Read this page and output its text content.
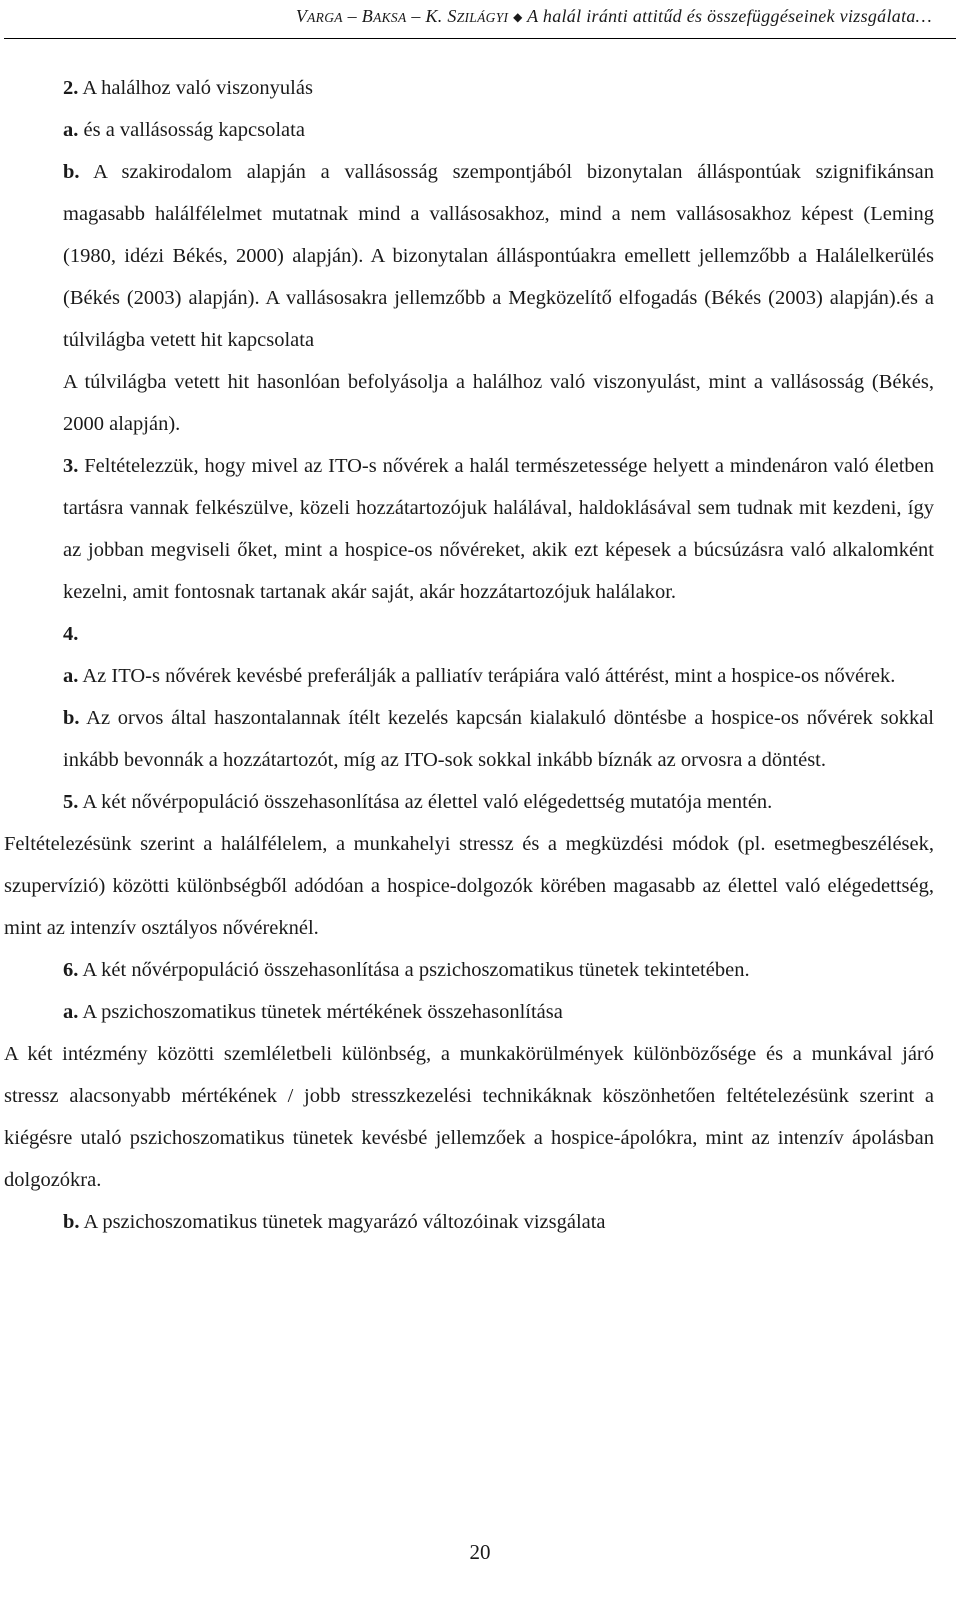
VARGA – BAKSA – K. SZILÁGYI ◆ A halál iránti attitűd és összefüggéseinek vizsgálata…

2. A halálhoz való viszonyulás

a. és a vallásosság kapcsolata

b. A szakirodalom alapján a vallásosság szempontjából bizonytalan álláspontúak szignifikánsan magasabb halálfélelmet mutatnak mind a vallásosakhoz, mind a nem vallásosakhoz képest (Leming (1980, idézi Békés, 2000) alapján). A bizonytalan álláspontúakra emellett jellemzőbb a Halálelkerülés (Békés (2003) alapján). A vallásosakra jellemzőbb a Megközelítő elfogadás (Békés (2003) alapján).és a túlvilágba vetett hit kapcsolata

A túlvilágba vetett hit hasonlóan befolyásolja a halálhoz való viszonyulást, mint a vallásosság (Békés, 2000 alapján).

3. Feltételezzük, hogy mivel az ITO-s nővérek a halál természetessége helyett a mindenáron való életben tartásra vannak felkészülve, közeli hozzátartozójuk halálával, haldoklásával sem tudnak mit kezdeni, így az jobban megviseli őket, mint a hospice-os nővéreket, akik ezt képesek a búcsúzásra való alkalomként kezelni, amit fontosnak tartanak akár saját, akár hozzátartozójuk halálakor.

4.

a. Az ITO-s nővérek kevésbé preferálják a palliatív terápiára való áttérést, mint a hospice-os nővérek.

b. Az orvos által haszontalannak ítélt kezelés kapcsán kialakuló döntésbe a hospice-os nővérek sokkal inkább bevonnák a hozzátartozót, míg az ITO-sok sokkal inkább bíznák az orvosra a döntést.

5. A két nővérpopuláció összehasonlítása az élettel való elégedettség mutatója mentén.

Feltételezésünk szerint a halálfélelem, a munkahelyi stressz és a megküzdési módok (pl. esetmegbeszélések, szupervízió) közötti különbségből adódóan a hospice-dolgozók körében magasabb az élettel való elégedettség, mint az intenzív osztályos nővéreknél.

6. A két nővérpopuláció összehasonlítása a pszichoszomatikus tünetek tekintetében.

a. A pszichoszomatikus tünetek mértékének összehasonlítása

A két intézmény közötti szemléletbeli különbség, a munkakörülmények különbözősége és a munkával járó stressz alacsonyabb mértékének / jobb stresszkezelési technikáknak köszönhetően feltételezésünk szerint a kiégésre utaló pszichoszomatikus tünetek kevésbé jellemzőek a hospice-ápolókra, mint az intenzív ápolásban dolgozókra.

b. A pszichoszomatikus tünetek magyarázó változóinak vizsgálata

20
